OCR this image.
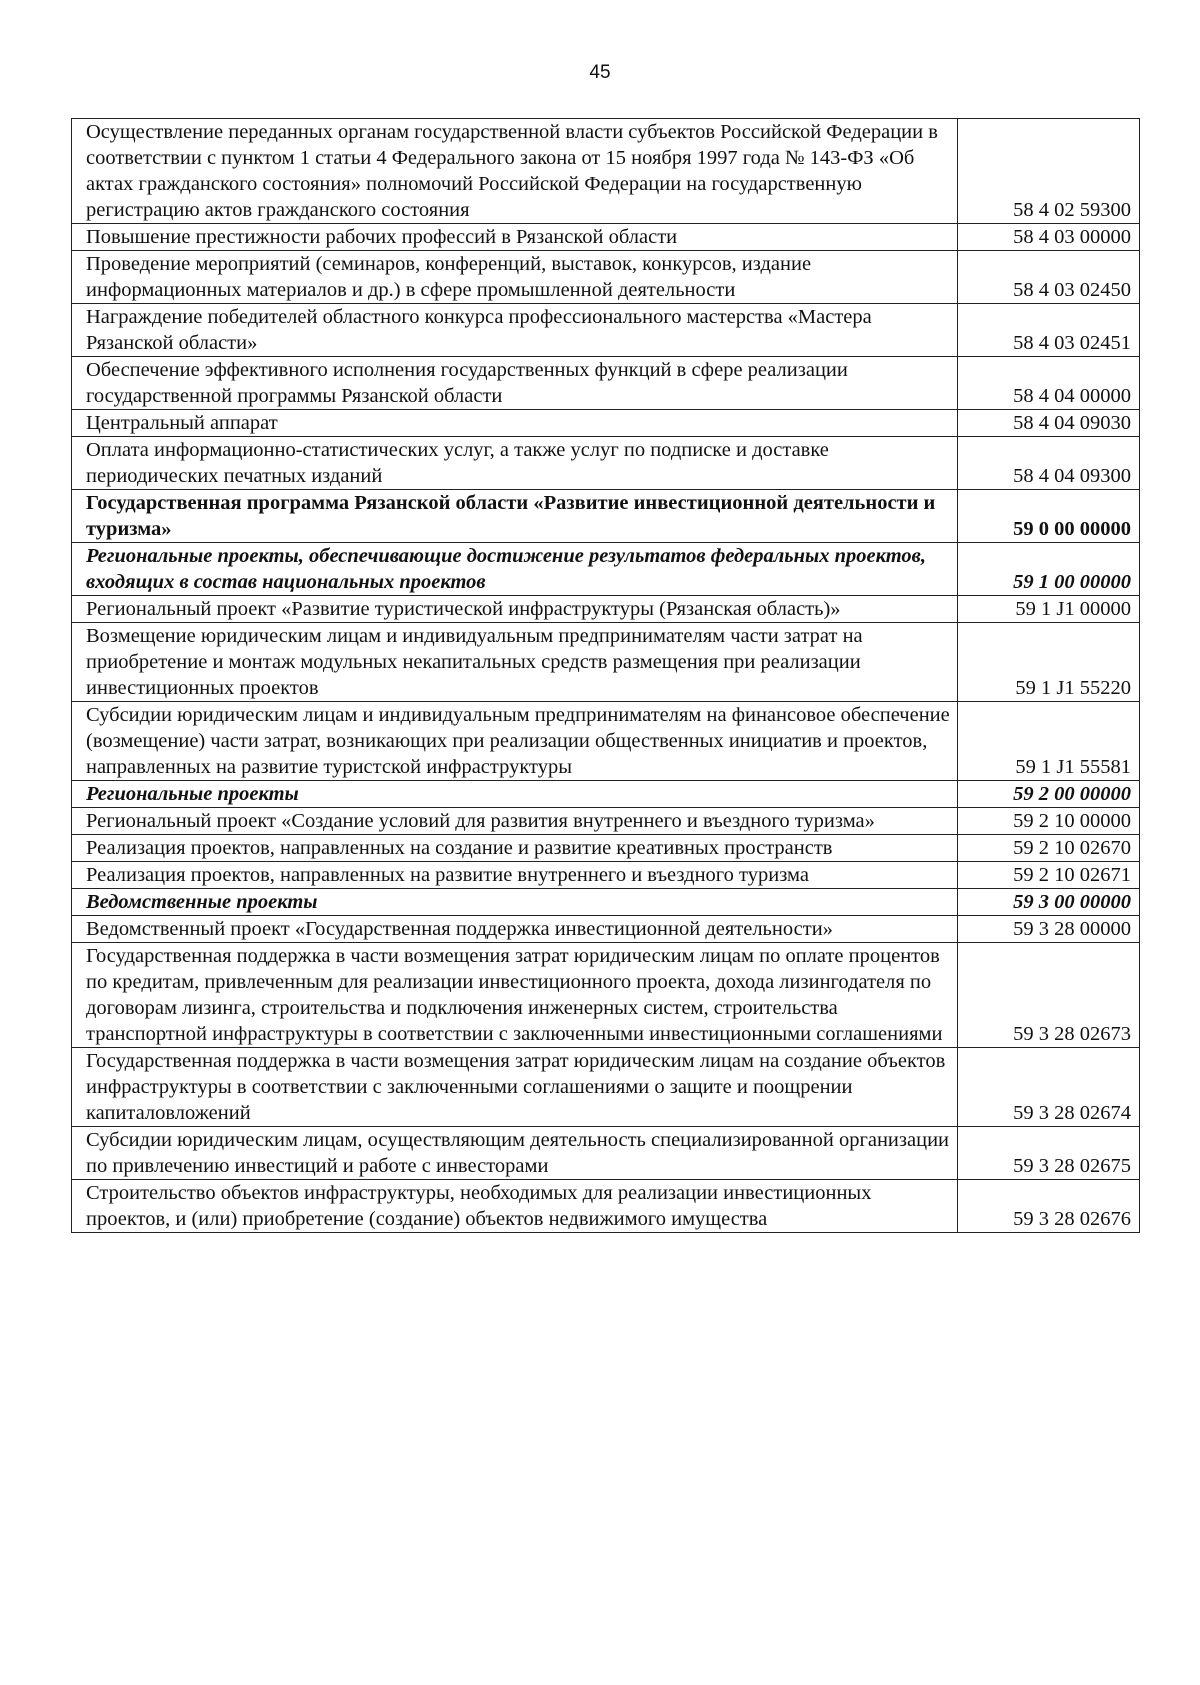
45
Осуществление переданных органам государственной власти субъектов Российской Федерации в соответствии с пунктом 1 статьи 4 Федерального закона от 15 ноября 1997 года № 143-ФЗ «Об актах гражданского состояния» полномочий Российской Федерации на государственную регистрацию актов гражданского состояния	58 4 02 59300
Повышение престижности рабочих профессий в Рязанской области	58 4 03 00000
Проведение мероприятий (семинаров, конференций, выставок, конкурсов, издание информационных материалов и др.) в сфере промышленной деятельности	58 4 03 02450
Награждение победителей областного конкурса профессионального мастерства «Мастера Рязанской области»	58 4 03 02451
Обеспечение эффективного исполнения государственных функций в сфере реализации государственной программы Рязанской области	58 4 04 00000
Центральный аппарат	58 4 04 09030
Оплата информационно-статистических услуг, а также услуг по подписке и доставке периодических печатных изданий	58 4 04 09300
Государственная программа Рязанской области «Развитие инвестиционной деятельности и туризма»	59 0 00 00000
Региональные проекты, обеспечивающие достижение результатов федеральных проектов, входящих в состав национальных проектов	59 1 00 00000
Региональный проект «Развитие туристической инфраструктуры (Рязанская область)»	59 1 J1 00000
Возмещение юридическим лицам и индивидуальным предпринимателям части затрат на приобретение и монтаж модульных некапитальных средств размещения при реализации инвестиционных проектов	59 1 J1 55220
Субсидии юридическим лицам и индивидуальным предпринимателям на финансовое обеспечение (возмещение) части затрат, возникающих при реализации общественных инициатив и проектов, направленных на развитие туристской инфраструктуры	59 1 J1 55581
Региональные проекты	59 2 00 00000
Региональный проект «Создание условий для развития внутреннего и въездного туризма»	59 2 10 00000
Реализация проектов, направленных на создание и развитие креативных пространств	59 2 10 02670
Реализация проектов, направленных на развитие внутреннего и въездного туризма	59 2 10 02671
Ведомственные проекты	59 3 00 00000
Ведомственный проект «Государственная поддержка инвестиционной деятельности»	59 3 28 00000
Государственная поддержка в части возмещения затрат юридическим лицам по оплате процентов по кредитам, привлеченным для реализации инвестиционного проекта, дохода лизингодателя по договорам лизинга, строительства и подключения инженерных систем, строительства транспортной инфраструктуры в соответствии с заключенными инвестиционными соглашениями	59 3 28 02673
Государственная поддержка в части возмещения затрат юридическим лицам на создание объектов инфраструктуры в соответствии с заключенными соглашениями о защите и поощрении капиталовложений	59 3 28 02674
Субсидии юридическим лицам, осуществляющим деятельность специализированной организации по привлечению инвестиций и работе с инвесторами	59 3 28 02675
Строительство объектов инфраструктуры, необходимых для реализации инвестиционных проектов, и (или) приобретение (создание) объектов недвижимого имущества	59 3 28 02676
